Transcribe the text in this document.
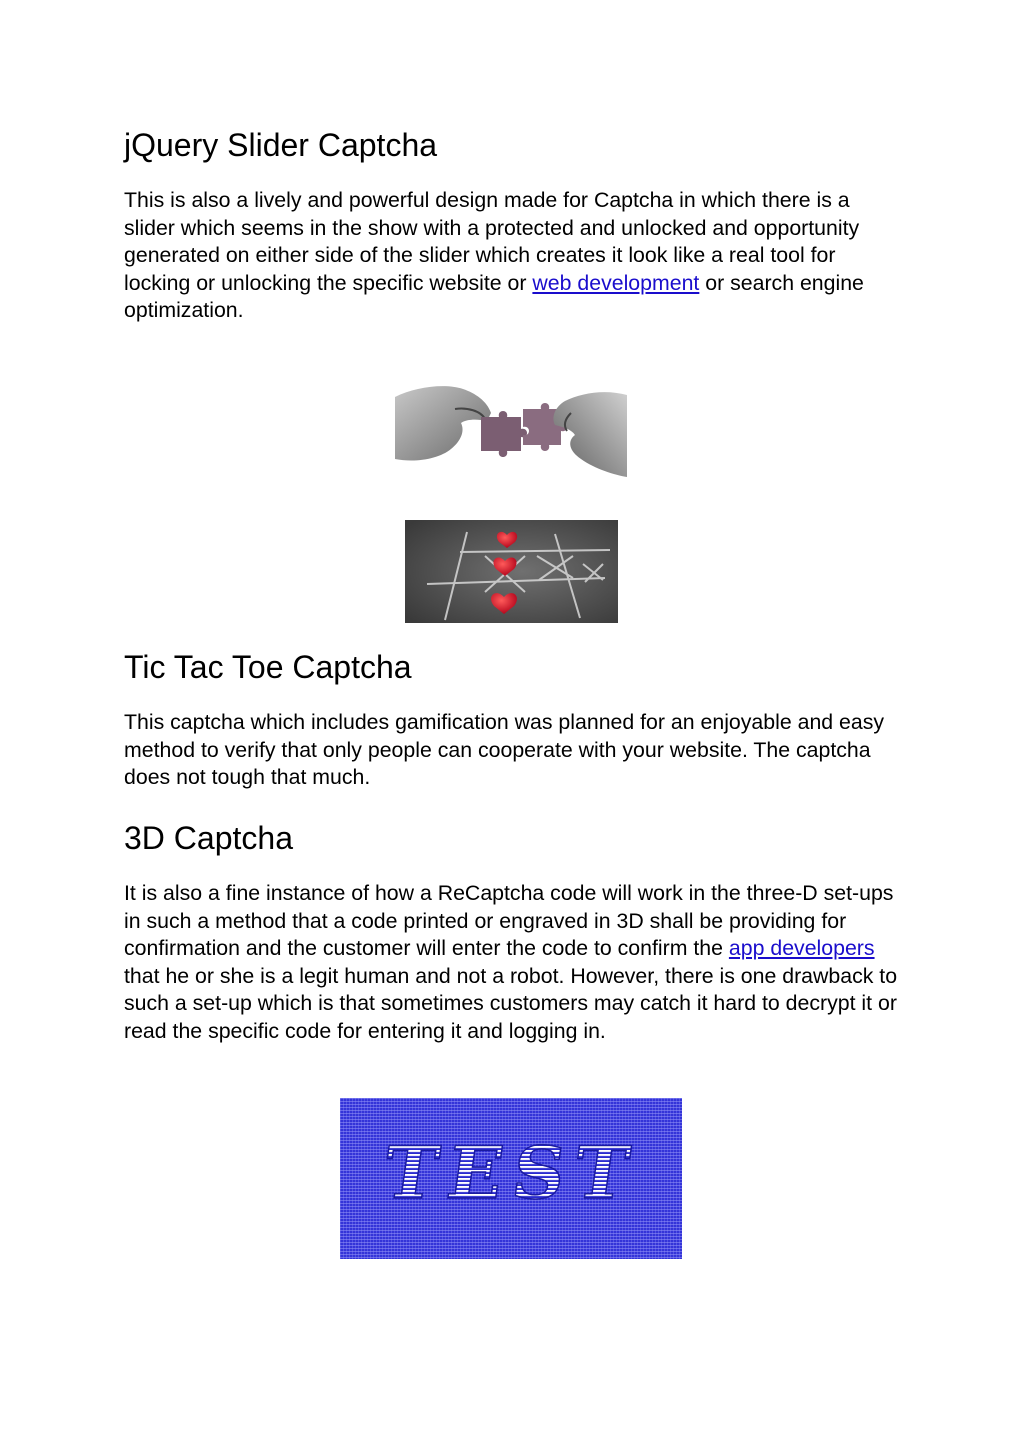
jQuery Slider Captcha

This is also a lively and powerful design made for Captcha in which there is a slider which seems in the show with a protected and unlocked and opportunity generated on either side of the slider which creates it look like a real tool for locking or unlocking the specific website or web development or search engine optimization.

Tic Tac Toe Captcha

This captcha which includes gamification was planned for an enjoyable and easy method to verify that only people can cooperate with your website. The captcha does not tough that much.

3D Captcha

It is also a fine instance of how a ReCaptcha code will work in the three-D set-ups in such a method that a code printed or engraved in 3D shall be providing for confirmation and the customer will enter the code to confirm the app developers that he or she is a legit human and not a robot. However, there is one drawback to such a set-up which is that sometimes customers may catch it hard to decrypt it or read the specific code for entering it and logging in.

TEST
